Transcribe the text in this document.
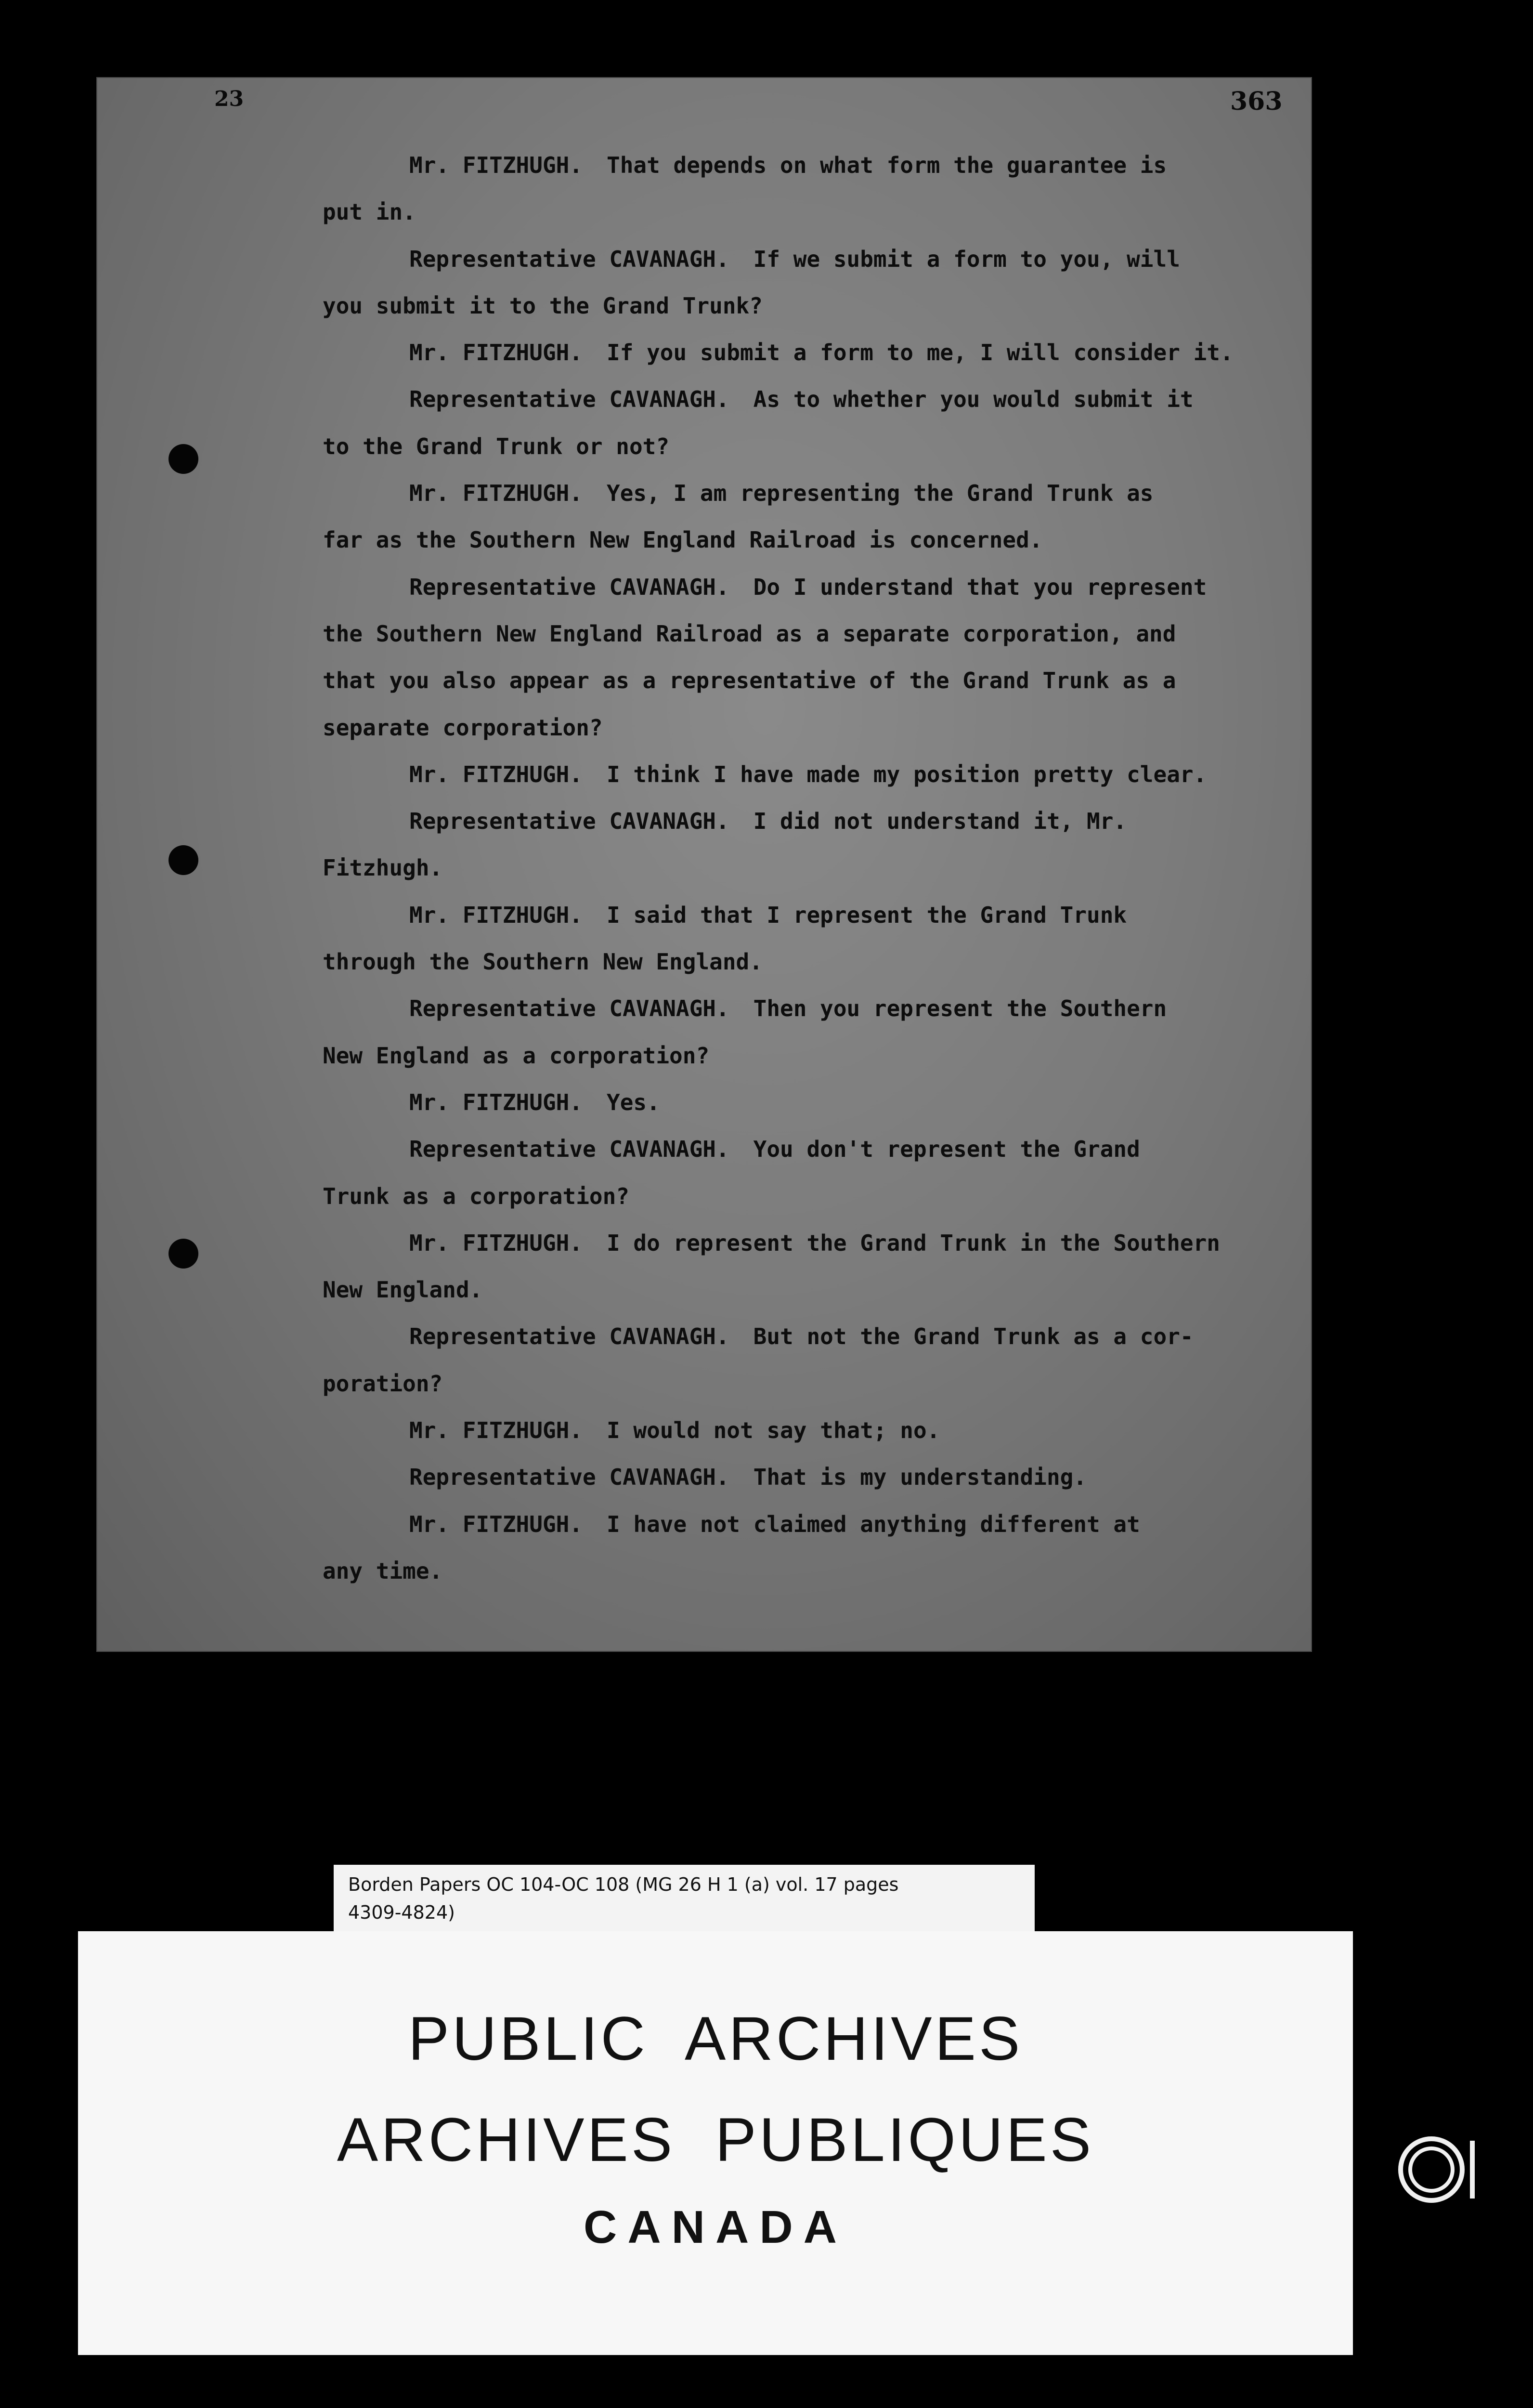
23	363
Mr. FITZHUGH. That depends on what form the guarantee is
put in.
Representative CAVANAGH. If we submit a form to you, will
you submit it to the Grand Trunk?
Mr. FITZHUGH. If you submit a form to me, I will consider it.
Representative CAVANAGH. As to whether you would submit it
to the Grand Trunk or not?
Mr. FITZHUGH. Yes, I am representing the Grand Trunk as
far as the Southern New England Railroad is concerned.
Representative CAVANAGH. Do I understand that you represent
the Southern New England Railroad as a separate corporation, and
that you also appear as a representative of the Grand Trunk as a
separate corporation?
Mr. FITZHUGH. I think I have made my position pretty clear.
Representative CAVANAGH. I did not understand it, Mr.
Fitzhugh.
Mr. FITZHUGH. I said that I represent the Grand Trunk
through the Southern New England.
Representative CAVANAGH. Then you represent the Southern
New England as a corporation?
Mr. FITZHUGH. Yes.
Representative CAVANAGH. You don't represent the Grand
Trunk as a corporation?
Mr. FITZHUGH. I do represent the Grand Trunk in the Southern
New England.
Representative CAVANAGH. But not the Grand Trunk as a cor-
poration?
Mr. FITZHUGH. I would not say that; no.
Representative CAVANAGH. That is my understanding.
Mr. FITZHUGH. I have not claimed anything different at
any time.
Borden Papers OC 104-OC 108 (MG 26 H 1 (a) vol. 17 pages
4309-4824)
PUBLIC  ARCHIVES
ARCHIVES  PUBLIQUES
CANADA
